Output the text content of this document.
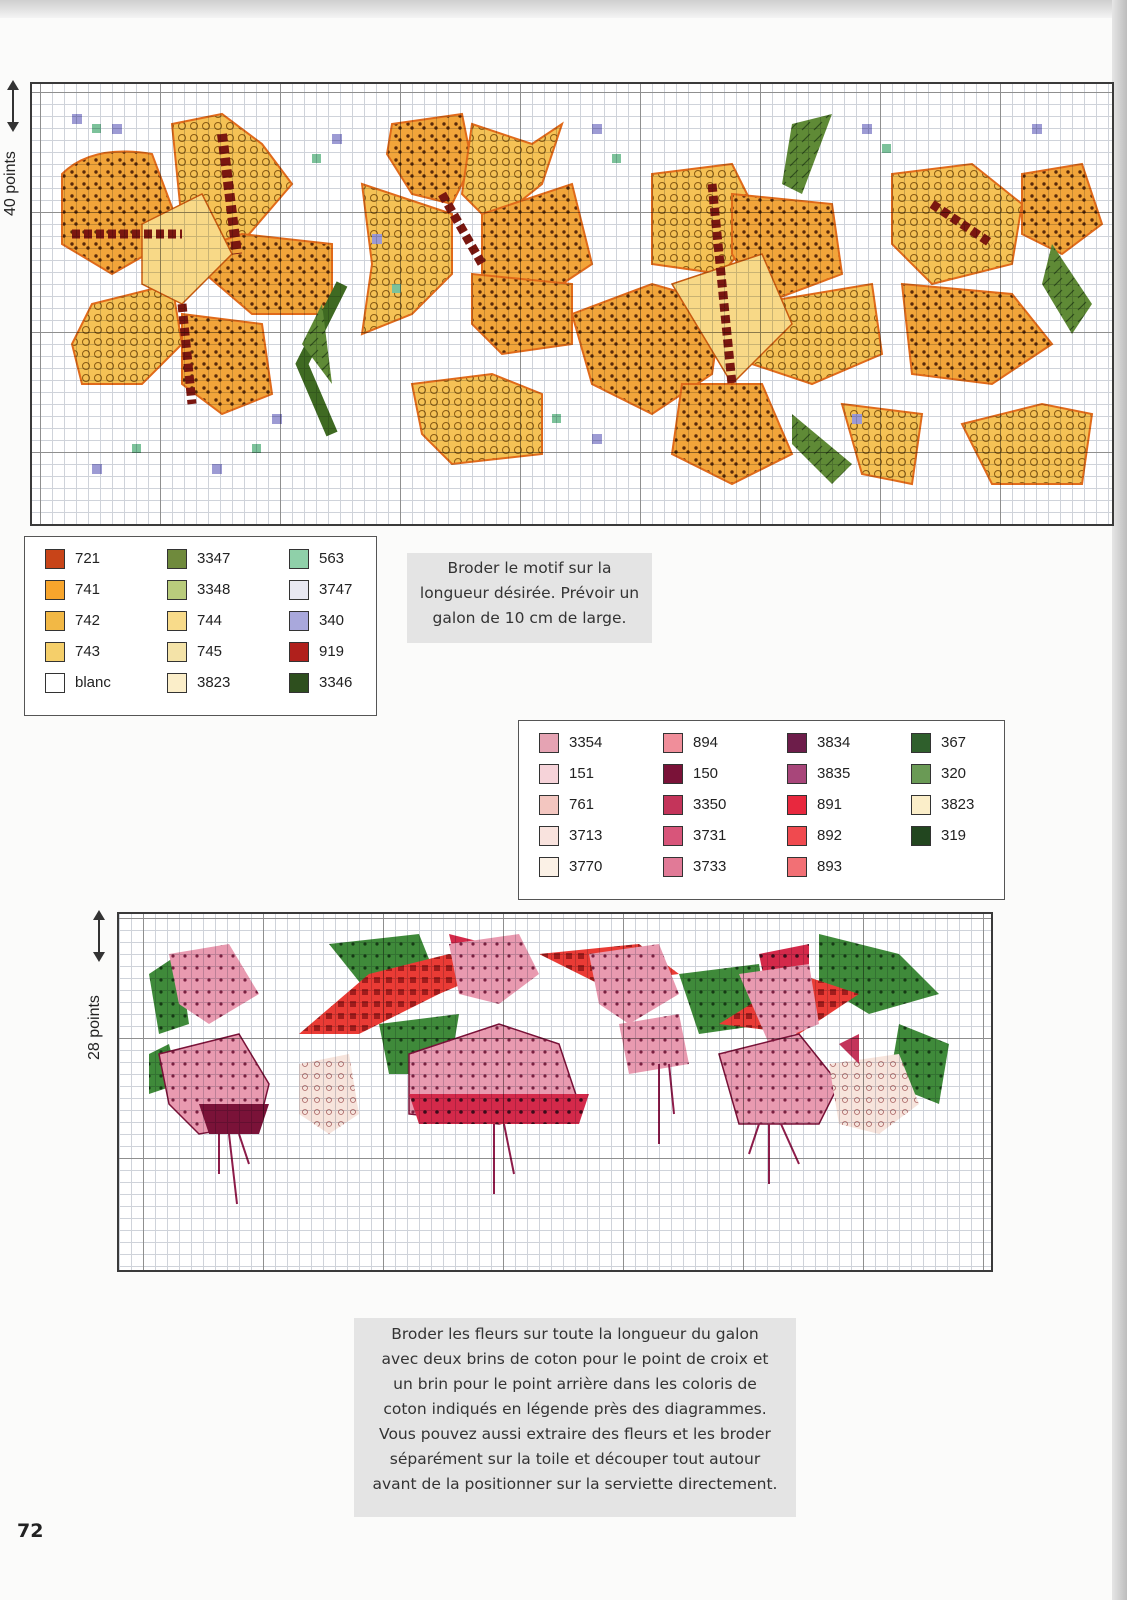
40 points
721
741
742
743
blanc
3347
3348
744
745
3823
563
3747
340
919
3346
Broder le motif sur la
longueur désirée. Prévoir un
galon de 10 cm de large.
3354
151
761
3713
3770
894
150
3350
3731
3733
3834
3835
891
892
893
367
320
3823
319
28 points
Broder les fleurs sur toute la longueur du galon
avec deux brins de coton pour le point de croix et
un brin pour le point arrière dans les coloris de
coton indiqués en légende près des diagrammes.
Vous pouvez aussi extraire des fleurs et les broder
séparément sur la toile et découper tout autour
avant de la positionner sur la serviette directement.
72
